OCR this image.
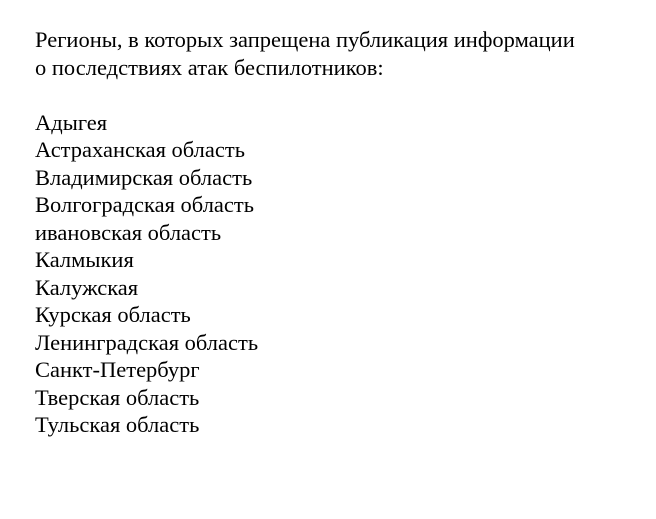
Регионы, в которых запрещена публикация информации
о последствиях атак беспилотников:
Адыгея
Астраханская область
Владимирская область
Волгоградская область
ивановская область
Калмыкия
Калужская
Курская область
Ленинградская область
Санкт-Петербург
Тверская область
Тульская область
